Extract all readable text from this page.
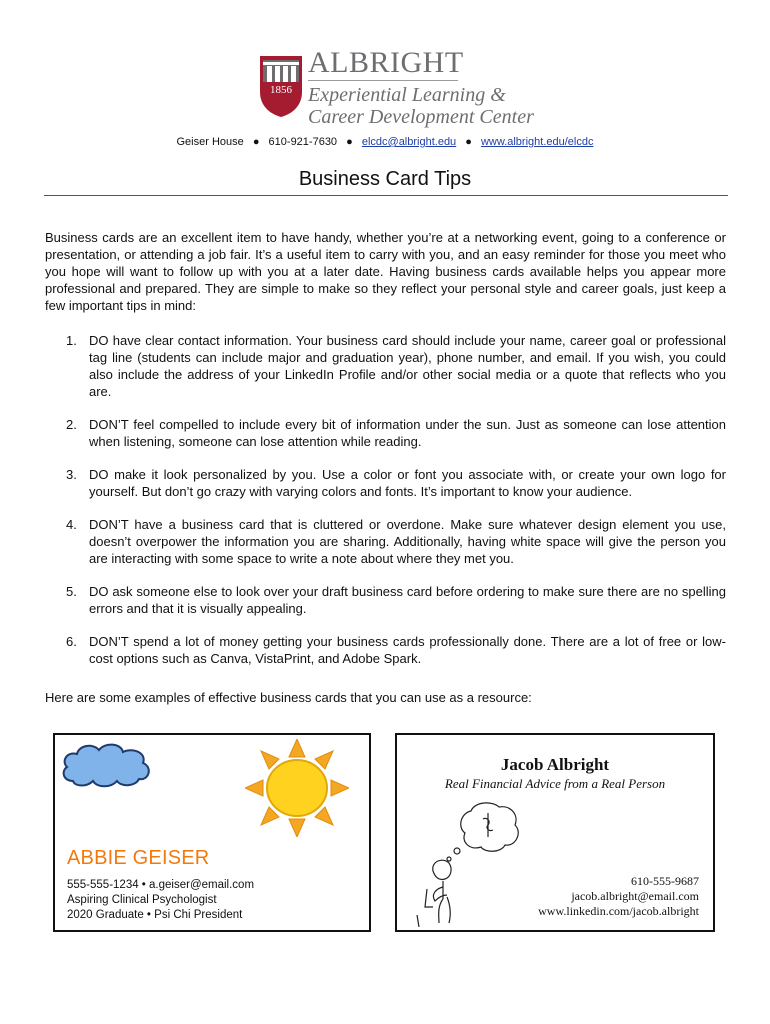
1856
ALBRIGHT
Experiential Learning &
Career Development Center
Geiser House ● 610-921-7630 ● elcdc@albright.edu ● www.albright.edu/elcdc
Business Card Tips
Business cards are an excellent item to have handy, whether you’re at a networking event, going to a conference or presentation, or attending a job fair. It’s a useful item to carry with you, and an easy reminder for those you meet who you hope will want to follow up with you at a later date. Having business cards available helps you appear more professional and prepared. They are simple to make so they reflect your personal style and career goals, just keep a few important tips in mind:
1. DO have clear contact information. Your business card should include your name, career goal or professional tag line (students can include major and graduation year), phone number, and email. If you wish, you could also include the address of your LinkedIn Profile and/or other social media or a quote that reflects who you are.
2. DON’T feel compelled to include every bit of information under the sun. Just as someone can lose attention when listening, someone can lose attention while reading.
3. DO make it look personalized by you. Use a color or font you associate with, or create your own logo for yourself. But don’t go crazy with varying colors and fonts. It’s important to know your audience.
4. DON’T have a business card that is cluttered or overdone. Make sure whatever design element you use, doesn’t overpower the information you are sharing. Additionally, having white space will give the person you are interacting with some space to write a note about where they met you.
5. DO ask someone else to look over your draft business card before ordering to make sure there are no spelling errors and that it is visually appealing.
6. DON’T spend a lot of money getting your business cards professionally done. There are a lot of free or low-cost options such as Canva, VistaPrint, and Adobe Spark.
Here are some examples of effective business cards that you can use as a resource:
ABBIE GEISER
555-555-1234 • a.geiser@email.com
Aspiring Clinical Psychologist
2020 Graduate • Psi Chi President
Jacob Albright
Real Financial Advice from a Real Person
610-555-9687
jacob.albright@email.com
www.linkedin.com/jacob.albright
